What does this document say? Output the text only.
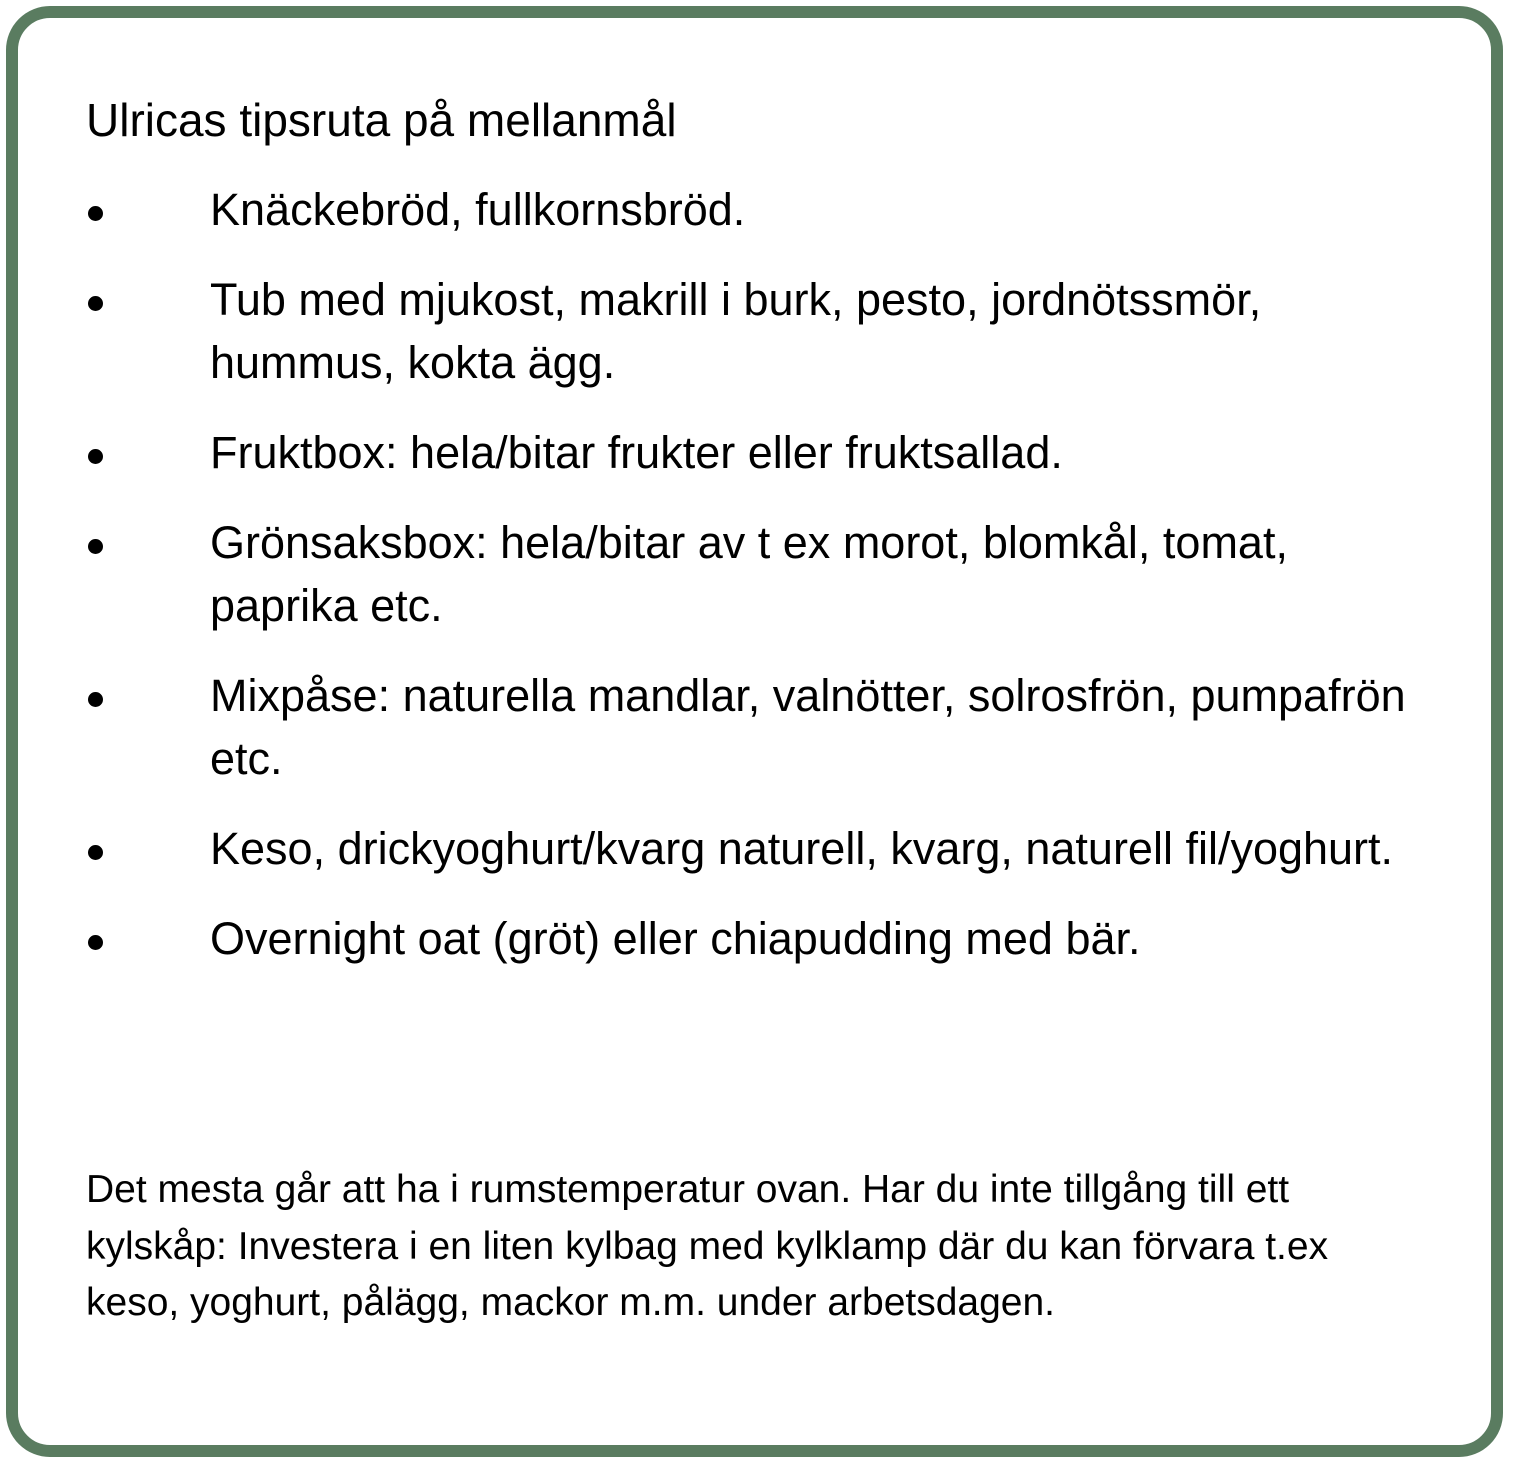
Ulricas tipsruta på mellanmål
Knäckebröd, fullkornsbröd.
Tub med mjukost, makrill i burk, pesto, jordnötssmör, hummus, kokta ägg.
Fruktbox: hela/bitar frukter eller fruktsallad.
Grönsaksbox: hela/bitar av t ex morot, blomkål, tomat, paprika etc.
Mixpåse: naturella mandlar, valnötter, solrosfrön, pumpafrön etc.
Keso, drickyoghurt/kvarg naturell, kvarg, naturell fil/yoghurt.
Overnight oat (gröt) eller chiapudding med bär.

Det mesta går att ha i rumstemperatur ovan. Har du inte tillgång till ett kylskåp: Investera i en liten kylbag med kylklamp där du kan förvara t.ex keso, yoghurt, pålägg, mackor m.m. under arbetsdagen.
